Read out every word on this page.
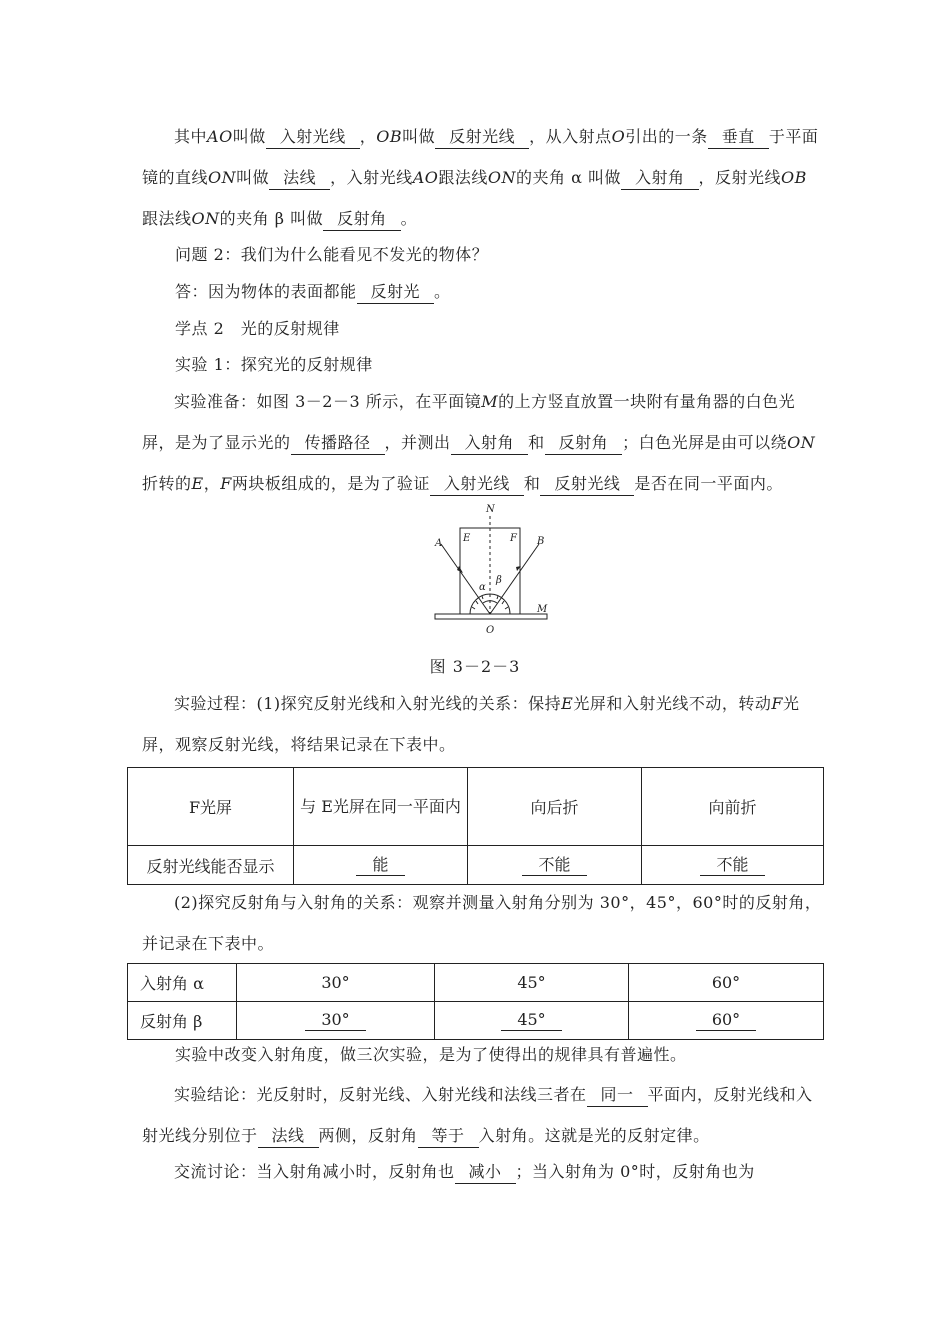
其中AO叫做 入射光线 ，OB叫做 反射光线 ，从入射点O引出的一条 垂直 于平面镜的直线ON叫做 法线 ，入射光线AO跟法线ON的夹角 α 叫做 入射角 ，反射光线OB跟法线ON的夹角 β 叫做 反射角 。

问题 2：我们为什么能看见不发光的物体？

答：因为物体的表面都能 反射光 。

学点 2　光的反射规律

实验 1：探究光的反射规律

实验准备：如图 3－2－3 所示，在平面镜M的上方竖直放置一块附有量角器的白色光屏，是为了显示光的 传播路径 ，并测出 入射角 和 反射角 ；白色光屏是由可以绕ON折转的E，F两块板组成的，是为了验证 入射光线 和 反射光线 是否在同一平面内。

N
A E	F B
α
β
M
O
图 3－2－3

实验过程：(1)探究反射光线和入射光线的关系：保持E光屏和入射光线不动，转动F光屏，观察反射光线，将结果记录在下表中。

F光屏	与 E光屏在同一平面内	向后折	向前折
反射光线能否显示	能	不能	不能

(2)探究反射角与入射角的关系：观察并测量入射角分别为 30°，45°，60°时的反射角，并记录在下表中。

入射角 α	30°	45°	60°
反射角 β	30°	45°	60°

实验中改变入射角度，做三次实验，是为了使得出的规律具有普遍性。

实验结论：光反射时，反射光线、入射光线和法线三者在 同一 平面内，反射光线和入射光线分别位于 法线 两侧，反射角 等于 入射角。这就是光的反射定律。

交流讨论：当入射角减小时，反射角也 减小 ；当入射角为 0°时，反射角也为
